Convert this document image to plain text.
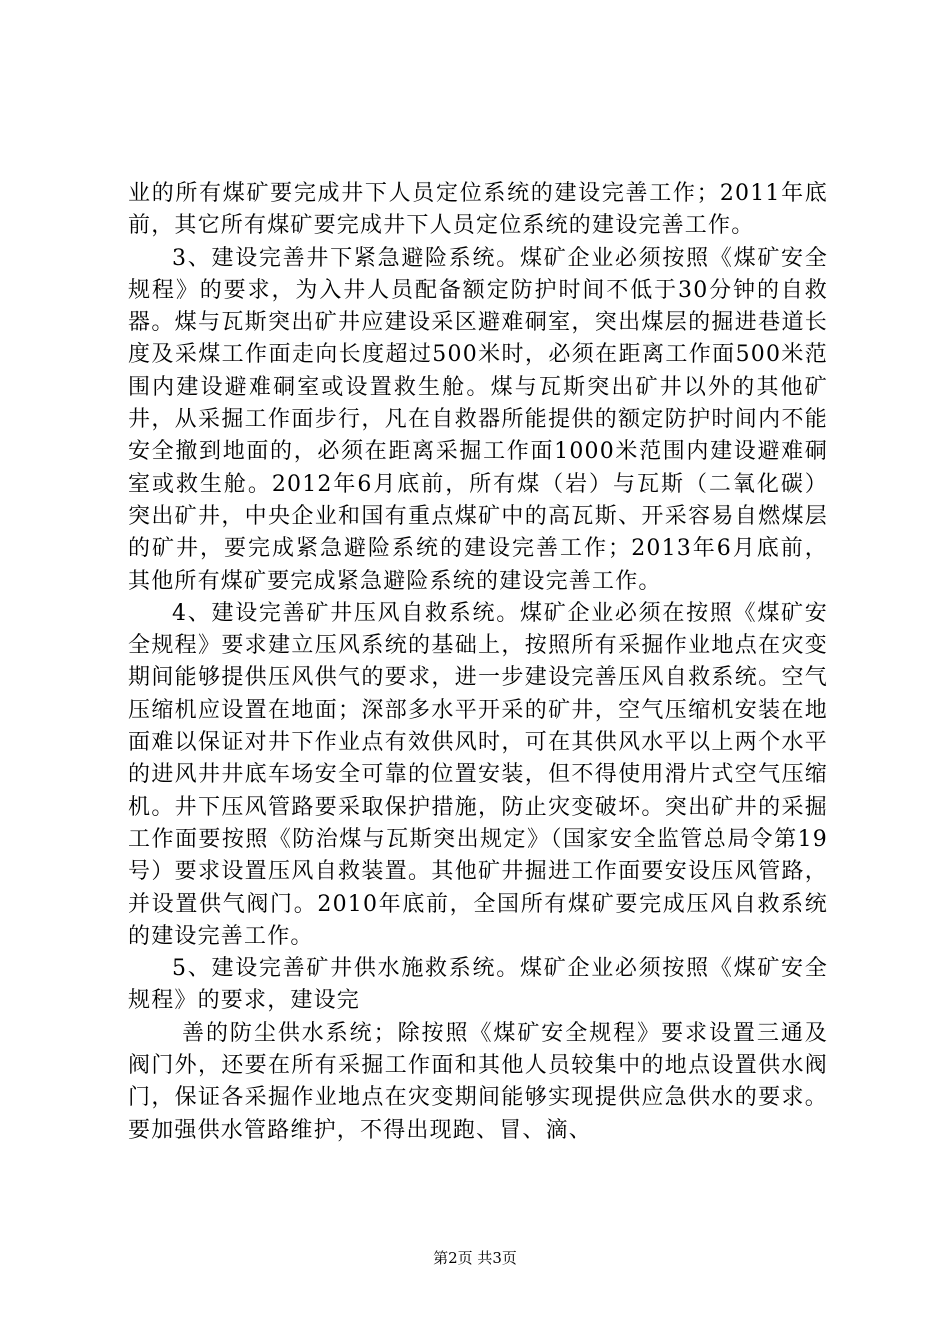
业的所有煤矿要完成井下人员定位系统的建设完善工作；2011年底前，其它所有煤矿要完成井下人员定位系统的建设完善工作。

3、建设完善井下紧急避险系统。煤矿企业必须按照《煤矿安全规程》的要求，为入井人员配备额定防护时间不低于30分钟的自救器。煤与瓦斯突出矿井应建设采区避难硐室，突出煤层的掘进巷道长度及采煤工作面走向长度超过500米时，必须在距离工作面500米范围内建设避难硐室或设置救生舱。煤与瓦斯突出矿井以外的其他矿井，从采掘工作面步行，凡在自救器所能提供的额定防护时间内不能安全撤到地面的，必须在距离采掘工作面1000米范围内建设避难硐室或救生舱。2012年6月底前，所有煤（岩）与瓦斯（二氧化碳）突出矿井，中央企业和国有重点煤矿中的高瓦斯、开采容易自燃煤层的矿井，要完成紧急避险系统的建设完善工作；2013年6月底前，其他所有煤矿要完成紧急避险系统的建设完善工作。

4、建设完善矿井压风自救系统。煤矿企业必须在按照《煤矿安全规程》要求建立压风系统的基础上，按照所有采掘作业地点在灾变期间能够提供压风供气的要求，进一步建设完善压风自救系统。空气压缩机应设置在地面；深部多水平开采的矿井，空气压缩机安装在地面难以保证对井下作业点有效供风时，可在其供风水平以上两个水平的进风井井底车场安全可靠的位置安装，但不得使用滑片式空气压缩机。井下压风管路要采取保护措施，防止灾变破坏。突出矿井的采掘工作面要按照《防治煤与瓦斯突出规定》（国家安全监管总局令第19号）要求设置压风自救装置。其他矿井掘进工作面要安设压风管路，并设置供气阀门。2010年底前，全国所有煤矿要完成压风自救系统的建设完善工作。

5、建设完善矿井供水施救系统。煤矿企业必须按照《煤矿安全规程》的要求，建设完

善的防尘供水系统；除按照《煤矿安全规程》要求设置三通及阀门外，还要在所有采掘工作面和其他人员较集中的地点设置供水阀门，保证各采掘作业地点在灾变期间能够实现提供应急供水的要求。要加强供水管路维护，不得出现跑、冒、滴、

第2页 共3页
